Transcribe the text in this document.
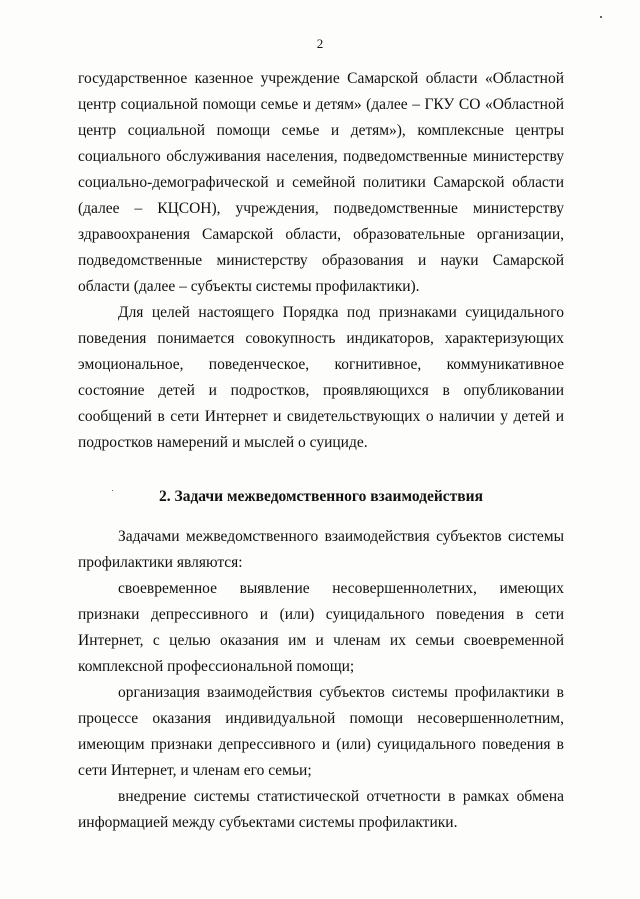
2

государственное казенное учреждение Самарской области «Областной центр социальной помощи семье и детям» (далее – ГКУ СО «Областной центр социальной помощи семье и детям»), комплексные центры социального обслуживания населения, подведомственные министерству социально-демографической и семейной политики Самарской области (далее – КЦСОН), учреждения, подведомственные министерству здравоохранения Самарской области, образовательные организации, подведомственные министерству образования и науки Самарской области (далее – субъекты системы профилактики).

Для целей настоящего Порядка под признаками суицидального поведения понимается совокупность индикаторов, характеризующих эмоциональное, поведенческое, когнитивное, коммуникативное состояние детей и подростков, проявляющихся в опубликовании сообщений в сети Интернет и свидетельствующих о наличии у детей и подростков намерений и мыслей о суициде.

2. Задачи межведомственного взаимодействия

Задачами межведомственного взаимодействия субъектов системы профилактики являются:

своевременное выявление несовершеннолетних, имеющих признаки депрессивного и (или) суицидального поведения в сети Интернет, с целью оказания им и членам их семьи своевременной комплексной профессиональной помощи;

организация взаимодействия субъектов системы профилактики в процессе оказания индивидуальной помощи несовершеннолетним, имеющим признаки депрессивного и (или) суицидального поведения в сети Интернет, и членам его семьи;

внедрение системы статистической отчетности в рамках обмена информацией между субъектами системы профилактики.
